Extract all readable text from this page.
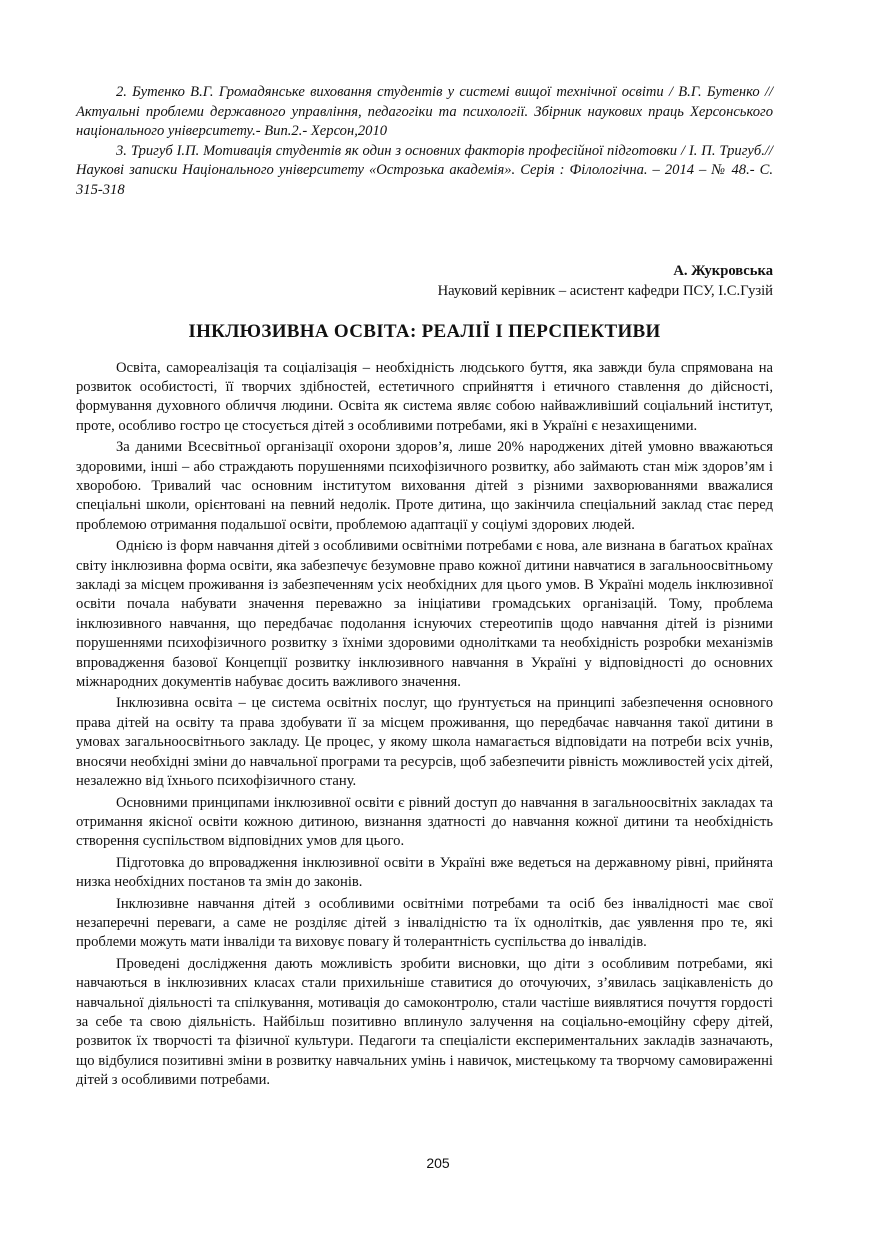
2. Бутенко В.Г. Громадянське виховання студентів у системі вищої технічної освіти / В.Г. Бутенко // Актуальні проблеми державного управління, педагогіки та психології. Збірник наукових праць Херсонського національного університету.- Вип.2.- Херсон,2010

3. Тригуб І.П. Мотивація студентів як один з основних факторів професійної підготовки / І. П. Тригуб.// Наукові записки Національного університету «Острозька академія». Серія : Філологічна. – 2014 – № 48.- С. 315-318

А. Жукровська
Науковий керівник – асистент кафедри ПСУ, І.С.Гузій
ІНКЛЮЗИВНА ОСВІТА: РЕАЛІЇ І ПЕРСПЕКТИВИ

Освіта, самореалізація та соціалізація – необхідність людського буття, яка завжди була спрямована на розвиток особистості, її творчих здібностей, естетичного сприйняття і етичного ставлення до дійсності, формування духовного обличчя людини. Освіта як система являє собою найважливіший соціальний інститут, проте, особливо гостро це стосується дітей з особливими потребами, які в Україні є незахищеними.

За даними Всесвітньої організації охорони здоров’я, лише 20% народжених дітей умовно вважаються здоровими, інші – або страждають порушеннями психофізичного розвитку, або займають стан між здоров’ям і хворобою. Тривалий час основним інститутом виховання дітей з різними захворюваннями вважалися спеціальні школи, орієнтовані на певний недолік. Проте дитина, що закінчила спеціальний заклад стає перед проблемою отримання подальшої освіти, проблемою адаптації у соціумі здорових людей.

Однією із форм навчання дітей з особливими освітніми потребами є нова, але визнана в багатьох країнах світу інклюзивна форма освіти, яка забезпечує безумовне право кожної дитини навчатися в загальноосвітньому закладі за місцем проживання із забезпеченням усіх необхідних для цього умов. В Україні модель інклюзивної освіти почала набувати значення переважно за ініціативи громадських організацій. Тому, проблема інклюзивного навчання, що передбачає подолання існуючих стереотипів щодо навчання дітей із різними порушеннями психофізичного розвитку з їхніми здоровими однолітками та необхідність розробки механізмів впровадження базової Концепції розвитку інклюзивного навчання в Україні у відповідності до основних міжнародних документів набуває досить важливого значення.

Інклюзивна освіта – це система освітніх послуг, що ґрунтується на принципі забезпечення основного права дітей на освіту та права здобувати її за місцем проживання, що передбачає навчання такої дитини в умовах загальноосвітнього закладу. Це процес, у якому школа намагається відповідати на потреби всіх учнів, вносячи необхідні зміни до навчальної програми та ресурсів, щоб забезпечити рівність можливостей усіх дітей, незалежно від їхнього психофізичного стану.

Основними принципами інклюзивної освіти є рівний доступ до навчання в загальноосвітніх закладах та отримання якісної освіти кожною дитиною, визнання здатності до навчання кожної дитини та необхідність створення суспільством відповідних умов для цього.

Підготовка до впровадження інклюзивної освіти в Україні вже ведеться на державному рівні, прийнята низка необхідних постанов та змін до законів.

Інклюзивне навчання дітей з особливими освітніми потребами та осіб без інвалідності має свої незаперечні переваги, а саме не розділяє дітей з інвалідністю та їх однолітків, дає уявлення про те, які проблеми можуть мати інваліди та виховує повагу й толерантність суспільства до інвалідів.

Проведені дослідження дають можливість зробити висновки, що діти з особливим потребами, які навчаються в інклюзивних класах стали прихильніше ставитися до оточуючих, з’явилась зацікавленість до навчальної діяльності та спілкування, мотивація до самоконтролю, стали частіше виявлятися почуття гордості за себе та свою діяльність. Найбільш позитивно вплинуло залучення на соціально-емоційну сферу дітей, розвиток їх творчості та фізичної культури. Педагоги та спеціалісти експериментальних закладів зазначають, що відбулися позитивні зміни в розвитку навчальних умінь і навичок, мистецькому та творчому самовираженні дітей з особливими потребами.

205
